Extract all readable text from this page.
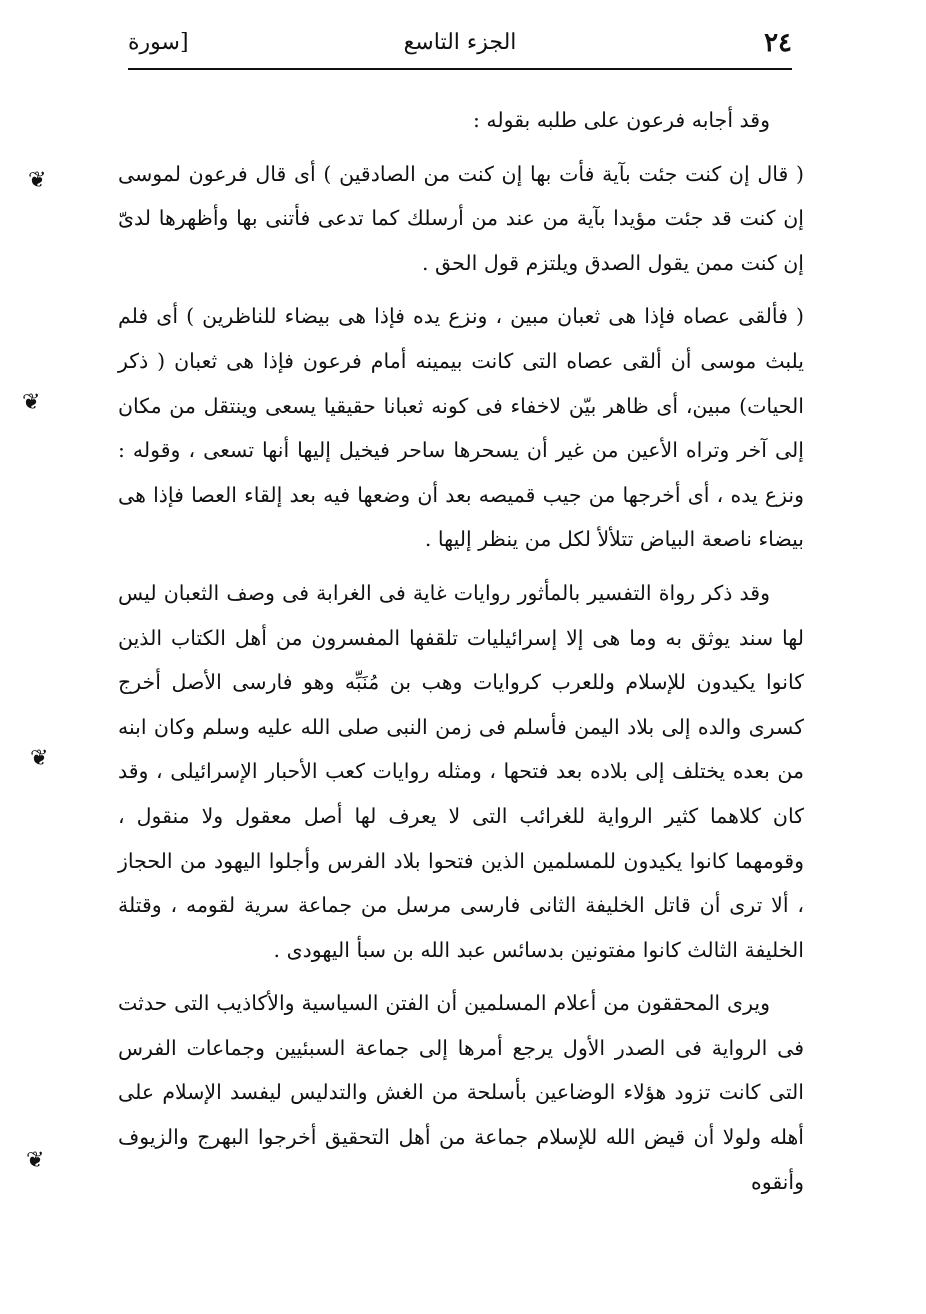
٢٤
الجزء التاسع
[سورة

وقد أجابه فرعون على طلبه بقوله :

( قال إن كنت جئت بآية فأت بها إن كنت من الصادقين ) أى قال فرعون لموسى إن كنت قد جئت مؤيدا بآية من عند من أرسلك كما تدعى فأتنى بها وأظهرها لدىّ إن كنت ممن يقول الصدق ويلتزم قول الحق .

( فألقى عصاه فإذا هى ثعبان مبين ، ونزع يده فإذا هى بيضاء للناظرين ) أى فلم يلبث موسى أن ألقى عصاه التى كانت بيمينه أمام فرعون فإذا هى ثعبان ( ذكر الحيات) مبين، أى ظاهر بيّن لاخفاء فى كونه ثعبانا حقيقيا يسعى وينتقل من مكان إلى آخر وتراه الأعين من غير أن يسحرها ساحر فيخيل إليها أنها تسعى ، وقوله : ونزع يده ، أى أخرجها من جيب قميصه بعد أن وضعها فيه بعد إلقاء العصا فإذا هى بيضاء ناصعة البياض تتلألأ لكل من ينظر إليها .

وقد ذكر رواة التفسير بالمأثور روايات غاية فى الغرابة فى وصف الثعبان ليس لها سند يوثق به وما هى إلا إسرائيليات تلقفها المفسرون من أهل الكتاب الذين كانوا يكيدون للإسلام وللعرب كروايات وهب بن مُنَبِّه وهو فارسى الأصل أخرج كسرى والده إلى بلاد اليمن فأسلم فى زمن النبى صلى الله عليه وسلم وكان ابنه من بعده يختلف إلى بلاده بعد فتحها ، ومثله روايات كعب الأحبار الإسرائيلى ، وقد كان كلاهما كثير الرواية للغرائب التى لا يعرف لها أصل معقول ولا منقول ، وقومهما كانوا يكيدون للمسلمين الذين فتحوا بلاد الفرس وأجلوا اليهود من الحجاز ، ألا ترى أن قاتل الخليفة الثانى فارسى مرسل من جماعة سرية لقومه ، وقتلة الخليفة الثالث كانوا مفتونين بدسائس عبد الله بن سبأ اليهودى .

ويرى المحققون من أعلام المسلمين أن الفتن السياسية والأكاذيب التى حدثت فى الرواية فى الصدر الأول يرجع أمرها إلى جماعة السبئيين وجماعات الفرس التى كانت تزود هؤلاء الوضاعين بأسلحة من الغش والتدليس ليفسد الإسلام على أهله ولولا أن قيض الله للإسلام جماعة من أهل التحقيق أخرجوا البهرج والزيوف وأنقوه

❦
❦
❦
❦
